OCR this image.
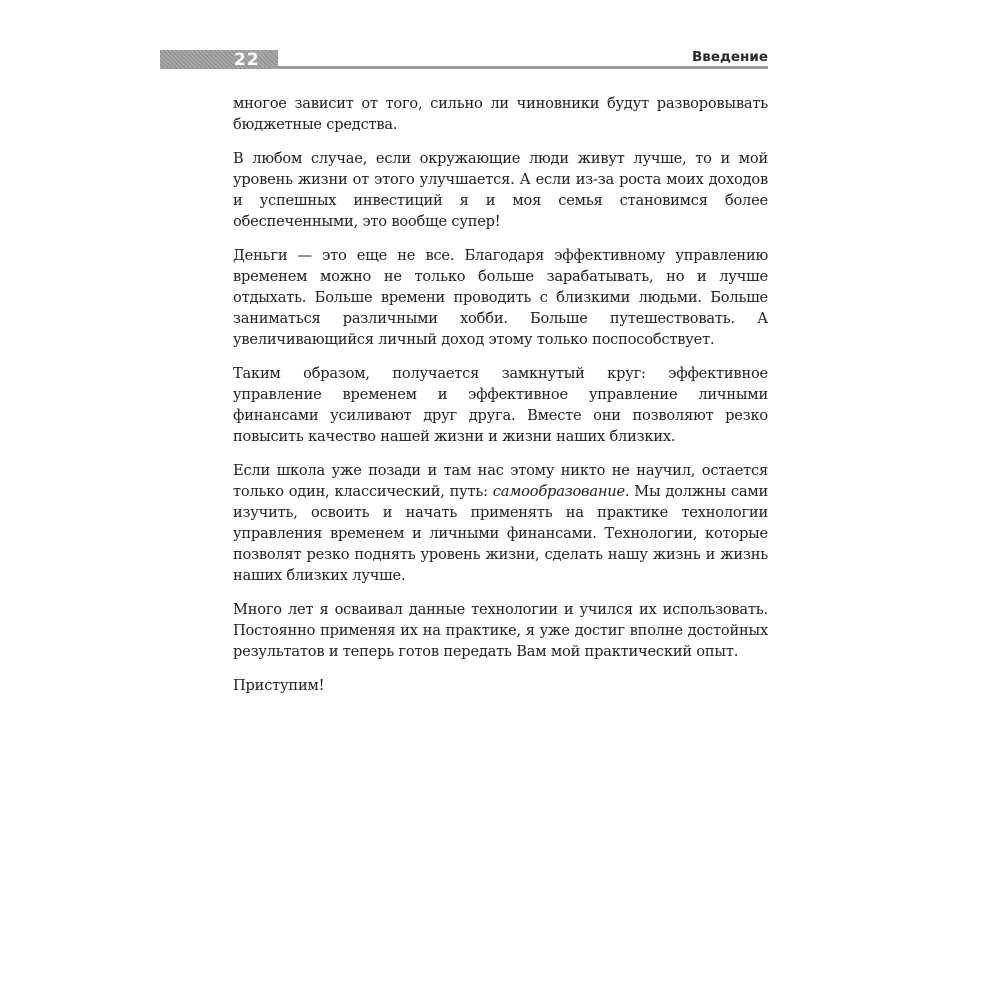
22	Введение

многое зависит от того, сильно ли чиновники будут разворовывать бюджетные средства.

В любом случае, если окружающие люди живут лучше, то и мой уровень жизни от этого улучшается. А если из-за роста моих доходов и успешных инвестиций я и моя семья становимся более обеспеченными, это вообще супер!

Деньги — это еще не все. Благодаря эффективному управлению временем можно не только больше зарабатывать, но и лучше отдыхать. Больше времени проводить с близкими людьми. Больше заниматься различными хобби. Больше путешествовать. А увеличивающийся личный доход этому только поспособствует.

Таким образом, получается замкнутый круг: эффективное управление временем и эффективное управление личными финансами усиливают друг друга. Вместе они позволяют резко повысить качество нашей жизни и жизни наших близких.

Если школа уже позади и там нас этому никто не научил, остается только один, классический, путь: самообразование. Мы должны сами изучить, освоить и начать применять на практике технологии управления временем и личными финансами. Технологии, которые позволят резко поднять уровень жизни, сделать нашу жизнь и жизнь наших близких лучше.

Много лет я осваивал данные технологии и учился их использовать. Постоянно применяя их на практике, я уже достиг вполне достойных результатов и теперь готов передать Вам мой практический опыт.

Приступим!
